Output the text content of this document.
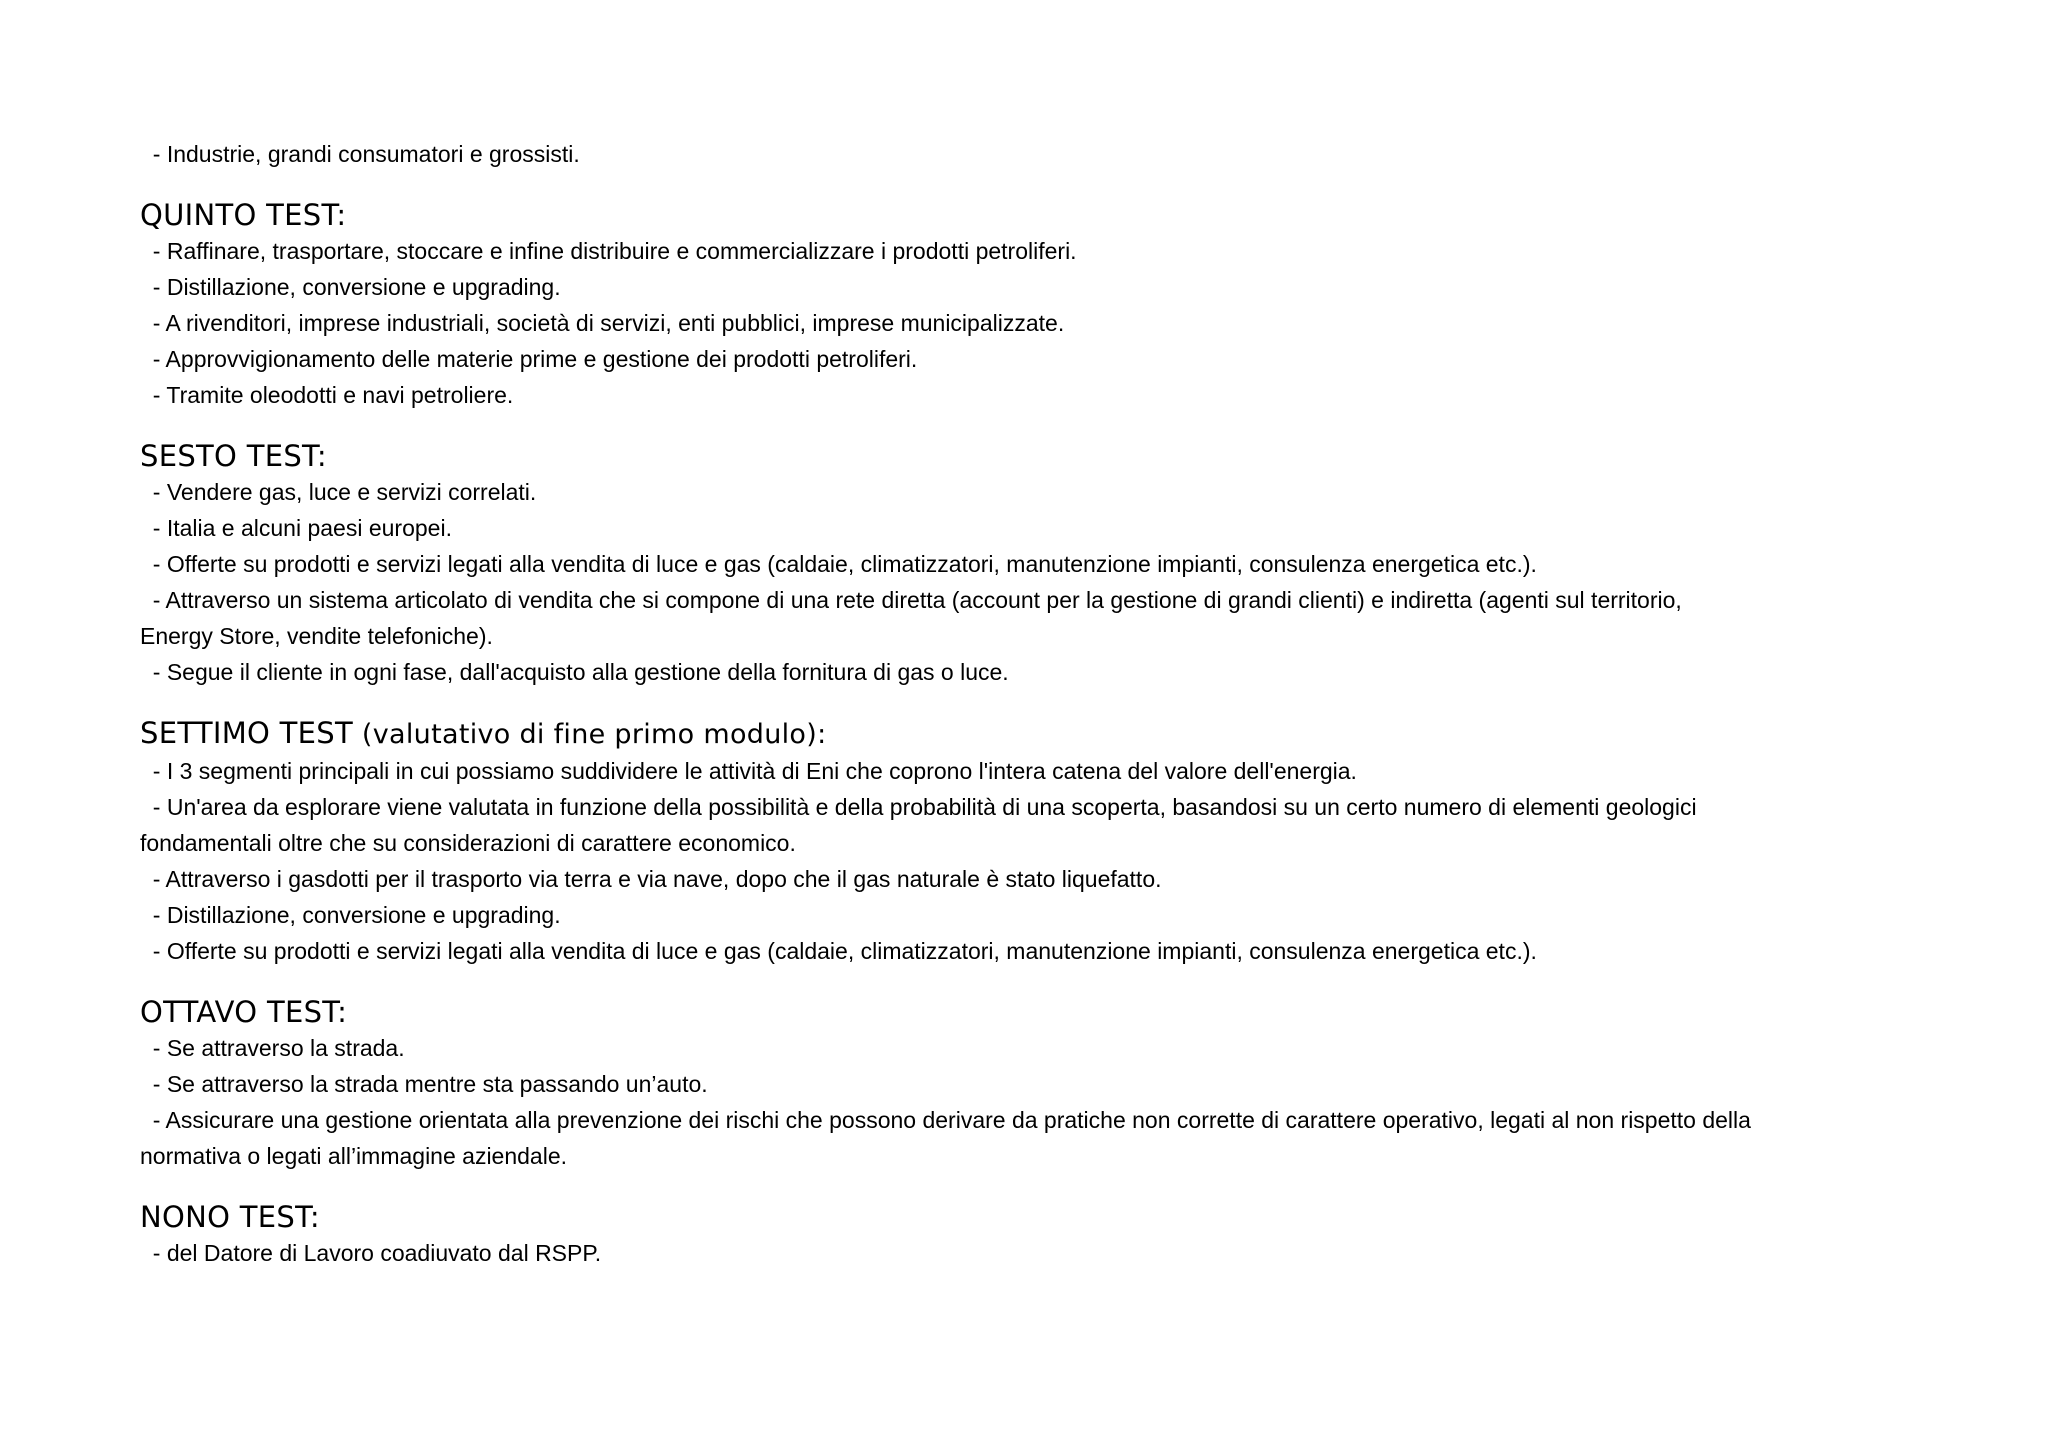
- Industrie, grandi consumatori e grossisti.

QUINTO TEST:

- Raffinare, trasportare, stoccare e infine distribuire e commercializzare i prodotti petroliferi.

- Distillazione, conversione e upgrading.

- A rivenditori, imprese industriali, società di servizi, enti pubblici, imprese municipalizzate.

- Approvvigionamento delle materie prime e gestione dei prodotti petroliferi.

- Tramite oleodotti e navi petroliere.

SESTO TEST:

- Vendere gas, luce e servizi correlati.

- Italia e alcuni paesi europei.

- Offerte su prodotti e servizi legati alla vendita di luce e gas (caldaie, climatizzatori, manutenzione impianti, consulenza energetica etc.).

- Attraverso un sistema articolato di vendita che si compone di una rete diretta (account per la gestione di grandi clienti) e indiretta (agenti sul territorio,

Energy Store, vendite telefoniche).

- Segue il cliente in ogni fase, dall'acquisto alla gestione della fornitura di gas o luce.

SETTIMO TEST (valutativo di fine primo modulo):

- I 3 segmenti principali in cui possiamo suddividere le attività di Eni che coprono l'intera catena del valore dell'energia.

- Un'area da esplorare viene valutata in funzione della possibilità e della probabilità di una scoperta, basandosi su un certo numero di elementi geologici

fondamentali oltre che su considerazioni di carattere economico.

- Attraverso i gasdotti per il trasporto via terra e via nave, dopo che il gas naturale è stato liquefatto.

- Distillazione, conversione e upgrading.

- Offerte su prodotti e servizi legati alla vendita di luce e gas (caldaie, climatizzatori, manutenzione impianti, consulenza energetica etc.).

OTTAVO TEST:

- Se attraverso la strada.

- Se attraverso la strada mentre sta passando un’auto.

- Assicurare una gestione orientata alla prevenzione dei rischi che possono derivare da pratiche non corrette di carattere operativo, legati al non rispetto della

normativa o legati all’immagine aziendale.

NONO TEST:

- del Datore di Lavoro coadiuvato dal RSPP.
